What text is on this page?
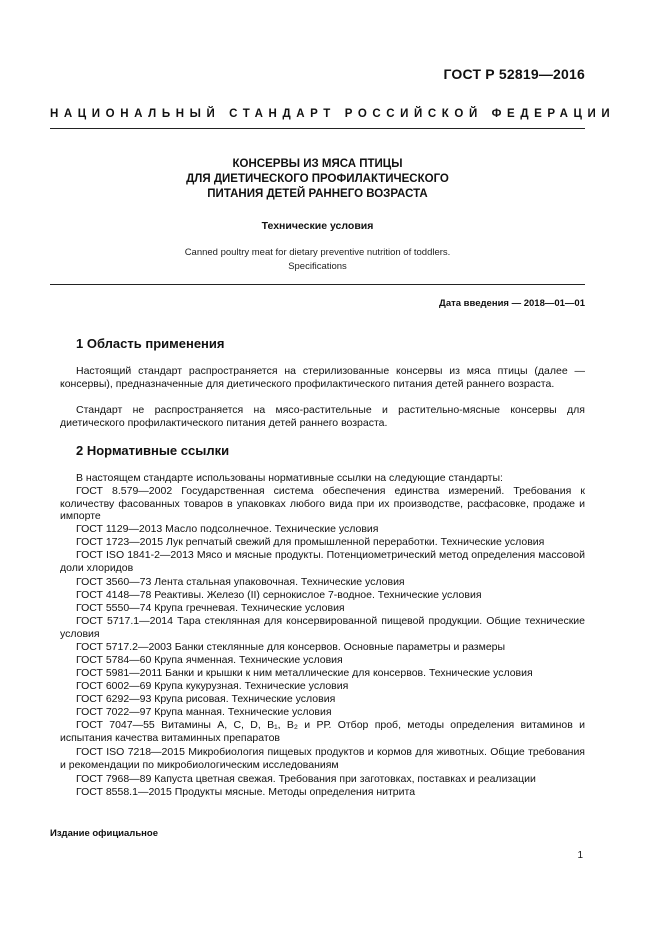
ГОСТ Р 52819—2016
НАЦИОНАЛЬНЫЙ СТАНДАРТ РОССИЙСКОЙ ФЕДЕРАЦИИ
КОНСЕРВЫ ИЗ МЯСА ПТИЦЫ
ДЛЯ ДИЕТИЧЕСКОГО ПРОФИЛАКТИЧЕСКОГО
ПИТАНИЯ ДЕТЕЙ РАННЕГО ВОЗРАСТА
Технические условия
Canned poultry meat for dietary preventive nutrition of toddlers.
Specifications
Дата введения — 2018—01—01
1 Область применения
Настоящий стандарт распространяется на стерилизованные консервы из мяса птицы (далее — консервы), предназначенные для диетического профилактического питания детей раннего возраста.
Стандарт не распространяется на мясо-растительные и растительно-мясные консервы для диетического профилактического питания детей раннего возраста.
2 Нормативные ссылки
В настоящем стандарте использованы нормативные ссылки на следующие стандарты:
ГОСТ 8.579—2002 Государственная система обеспечения единства измерений. Требования к количеству фасованных товаров в упаковках любого вида при их производстве, расфасовке, продаже и импорте
ГОСТ 1129—2013 Масло подсолнечное. Технические условия
ГОСТ 1723—2015 Лук репчатый свежий для промышленной переработки. Технические условия
ГОСТ ISO 1841-2—2013 Мясо и мясные продукты. Потенциометрический метод определения массовой доли хлоридов
ГОСТ 3560—73 Лента стальная упаковочная. Технические условия
ГОСТ 4148—78 Реактивы. Железо (II) сернокислое 7-водное. Технические условия
ГОСТ 5550—74 Крупа гречневая. Технические условия
ГОСТ 5717.1—2014 Тара стеклянная для консервированной пищевой продукции. Общие технические условия
ГОСТ 5717.2—2003 Банки стеклянные для консервов. Основные параметры и размеры
ГОСТ 5784—60 Крупа ячменная. Технические условия
ГОСТ 5981—2011 Банки и крышки к ним металлические для консервов. Технические условия
ГОСТ 6002—69 Крупа кукурузная. Технические условия
ГОСТ 6292—93 Крупа рисовая. Технические условия
ГОСТ 7022—97 Крупа манная. Технические условия
ГОСТ 7047—55 Витамины А, С, D, B₁, B₂ и РР. Отбор проб, методы определения витаминов и испытания качества витаминных препаратов
ГОСТ ISO 7218—2015 Микробиология пищевых продуктов и кормов для животных. Общие требования и рекомендации по микробиологическим исследованиям
ГОСТ 7968—89 Капуста цветная свежая. Требования при заготовках, поставках и реализации
ГОСТ 8558.1—2015 Продукты мясные. Методы определения нитрита
Издание официальное
1
